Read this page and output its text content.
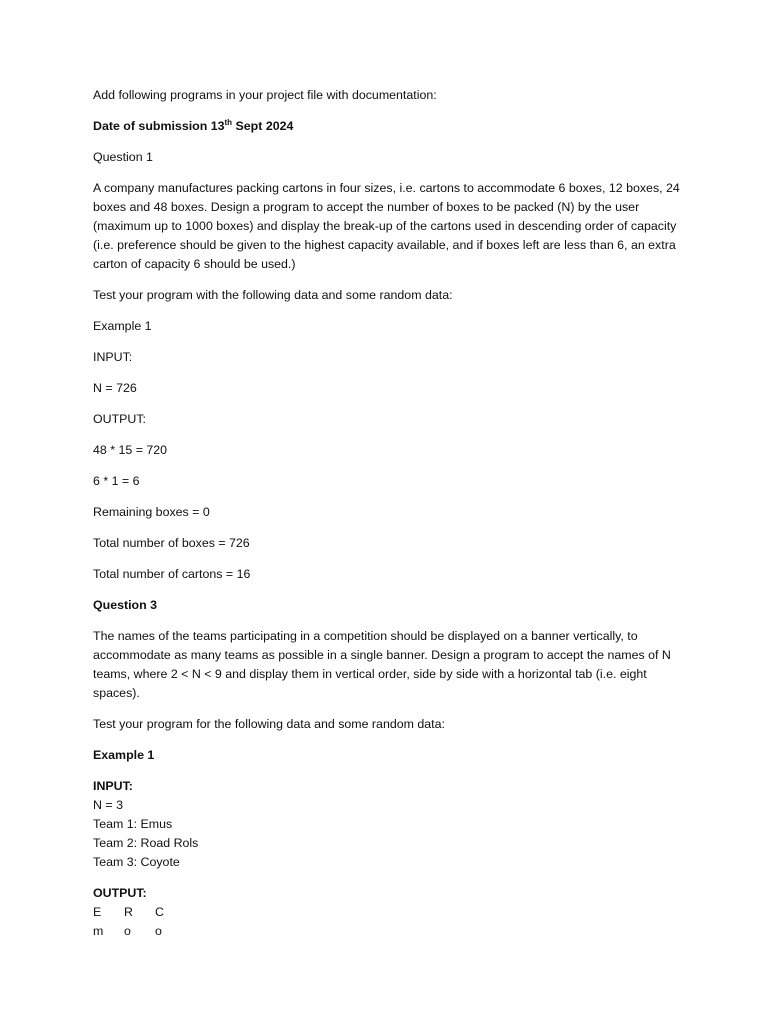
Add following programs in your project file with documentation:

Date of submission 13th Sept 2024

Question 1

A company manufactures packing cartons in four sizes, i.e. cartons to accommodate 6 boxes, 12 boxes, 24 boxes and 48 boxes. Design a program to accept the number of boxes to be packed (N) by the user (maximum up to 1000 boxes) and display the break-up of the cartons used in descending order of capacity (i.e. preference should be given to the highest capacity available, and if boxes left are less than 6, an extra carton of capacity 6 should be used.)

Test your program with the following data and some random data:

Example 1

INPUT:

N = 726

OUTPUT:

48 * 15 = 720

6 * 1 = 6

Remaining boxes = 0

Total number of boxes = 726

Total number of cartons = 16

Question 3

The names of the teams participating in a competition should be displayed on a banner vertically, to accommodate as many teams as possible in a single banner. Design a program to accept the names of N teams, where 2 < N < 9 and display them in vertical order, side by side with a horizontal tab (i.e. eight spaces).

Test your program for the following data and some random data:

Example 1

INPUT:
N = 3
Team 1: Emus
Team 2: Road Rols
Team 3: Coyote
OUTPUT:
E	R	C
m	o	o
